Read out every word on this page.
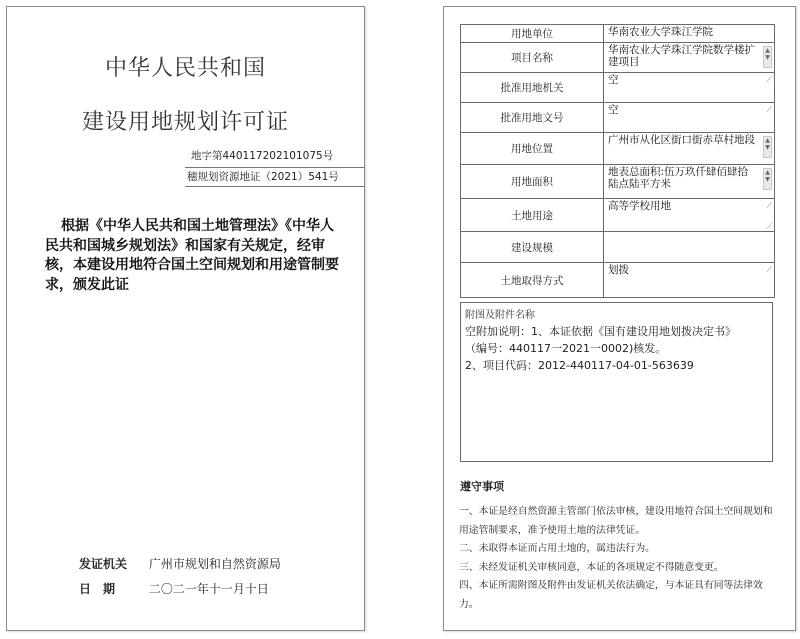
中华人民共和国
建设用地规划许可证
地字第440117202101075号
穗规划资源地证（2021）541号
根据《中华人民共和国土地管理法》《中华人民共和国城乡规划法》和国家有关规定，经审核，本建设用地符合国土空间规划和用途管制要求，颁发此证
发证机关 广州市规划和自然资源局
日　期	二〇二一年十一月十日
用地单位	华南农业大学珠江学院

项目名称	华南农业大学珠江学院数学楼扩建项目
▲
▼

批准用地机关	空 ⟋

批准用地文号	空 ⟋

用地位置	广州市从化区街口街赤草村地段 ▲
▼

用地面积	地表总面积:伍万玖仟肆佰肆拾陆点陆平方米
▲
▼

土地用途	高等学校用地 ⟋

建设规模	⟋

土地取得方式	划拨 ⟋
附图及附件名称
空附加说明：1、本证依据《国有建设用地划拨决定书》
（编号：440117一2021一0002)核发。
2、项目代码：2012-440117-04-01-563639
遵守事项
一、本证是经自然资源主管部门依法审核，建设用地符合国土空间规划和用途管制要求，准予使用土地的法律凭证。
二、未取得本证而占用土地的，属违法行为。
三、未经发证机关审核同意，本证的各项规定不得随意变更。
四、本证所需附图及附件由发证机关依法确定，与本证具有同等法律效力。
